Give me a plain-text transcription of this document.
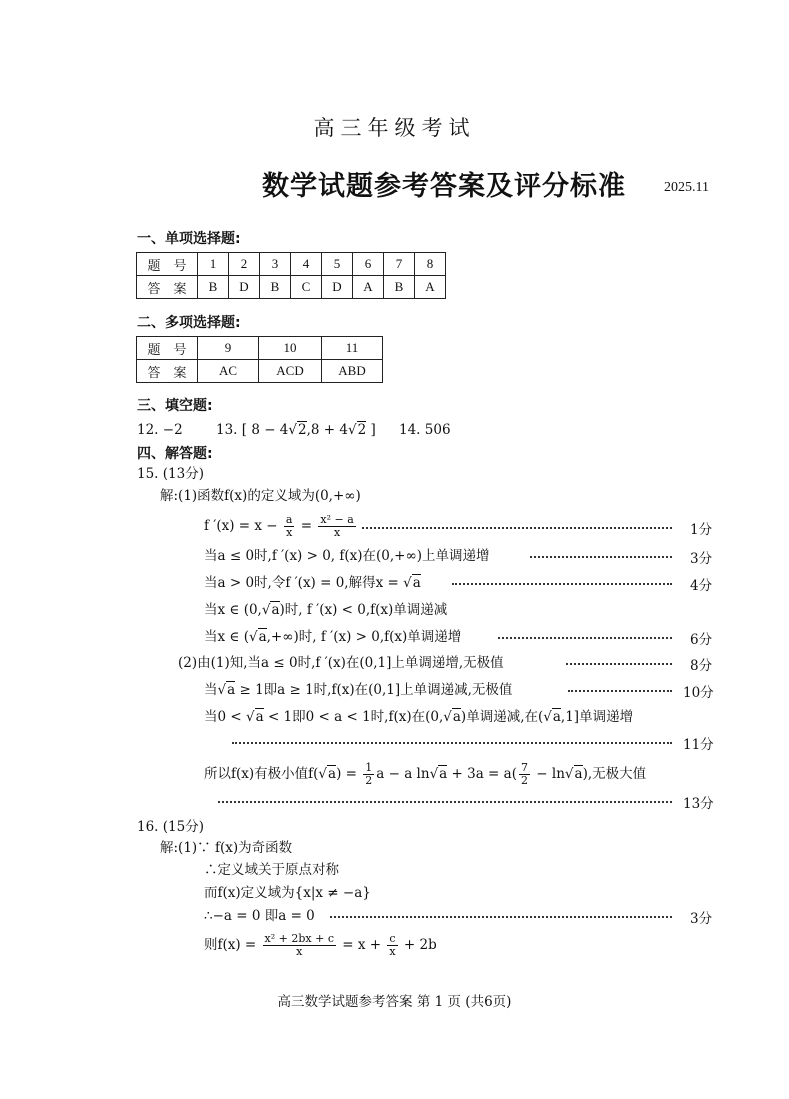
高三年级考试
数学试题参考答案及评分标准	2025.11
一、单项选择题:
题　号	1	2	3	4	5	6	7	8
答　案	B	D	B	C	D	A	B	A
二、多项选择题:
题　号	9	10	11
答　案	AC	ACD	ABD
三、填空题:
12. −2 13. [ 8 − 4√2,8 + 4√2 ] 14. 506
四、解答题:
15. (13分)
解:(1)函数f(x)的定义域为(0,+∞)
f $'(x) = x - \frac{a}{x} = \frac{\text{x² − a}}{x}$	1分
当a ≤ 0时,f ′(x) > 0, f(x)在(0,+∞)上单调递增	3分
当a > 0时,令f ′(x) = 0,解得x = √a	4分
当x ∈ (0,√a)时, f ′(x) < 0,f(x)单调递减
当x ∈ (√a,+∞)时, f ′(x) > 0,f(x)单调递增	6分
(2)由(1)知,当a ≤ 0时,f ′(x)在(0,1]上单调递增,无极值	8分
当√a ≥ 1即a ≥ 1时,f(x)在(0,1]上单调递减,无极值	10分
当0 < √a < 1即0 < a < 1时,f(x)在(0,√a)单调递减,在(√a,1]单调递增
11分
所以f(x)有极小值$f(√a) = \frac{1}{2}$ a − a $\ln√a + 3a = a( \frac{7}{2} - \ln√a)$,无极大值
13分
16. (15分)
解:(1)∵ f(x)为奇函数
∴定义域关于原点对称
而f(x)定义域为{x|x ≠ −a}
∴−a = 0 即a = 0	3分
则$f(x) = \frac{\text{x² + 2bx + c}}{x} = x + \frac{c}{x} + 2b$
高三数学试题参考答案 第 1 页 (共6页)
